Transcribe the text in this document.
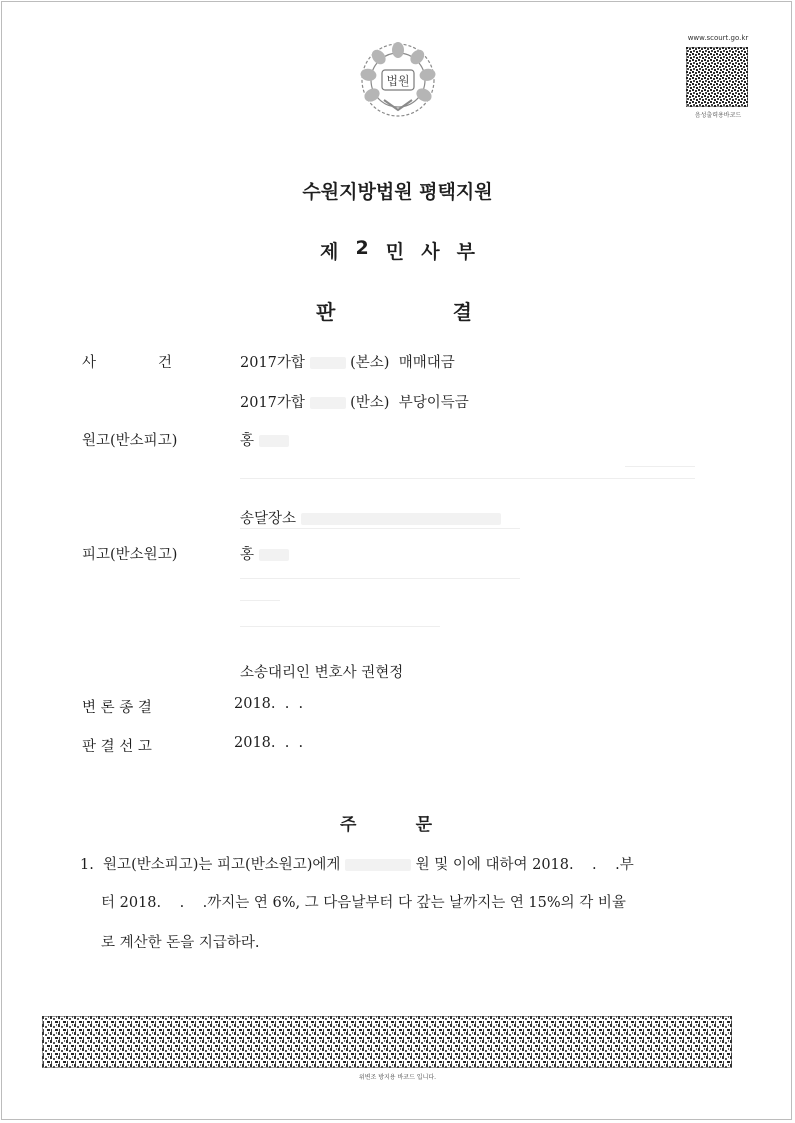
법원
www.scourt.go.kr
음성출력용바코드
수원지방법원 평택지원
제 2 민 사 부
판	결
사	건	2017가합	(본소) 매매대금
2017가합	(반소) 부당이득금
원고(반소피고)	홍
송달장소
피고(반소원고)	홍
소송대리인 변호사 권현정
변 론 종 결	2018.  .  .
판 결 선 고	2018.  .  .
주	문
1.  원고(반소피고)는 피고(반소원고)에게	원 및 이에 대하여 2018.    .    .부
터 2018.    .    .까지는 연 6%, 그 다음날부터 다 갚는 날까지는 연 15%의 각 비율
로 계산한 돈을 지급하라.
위변조 방지용 바코드 입니다.
